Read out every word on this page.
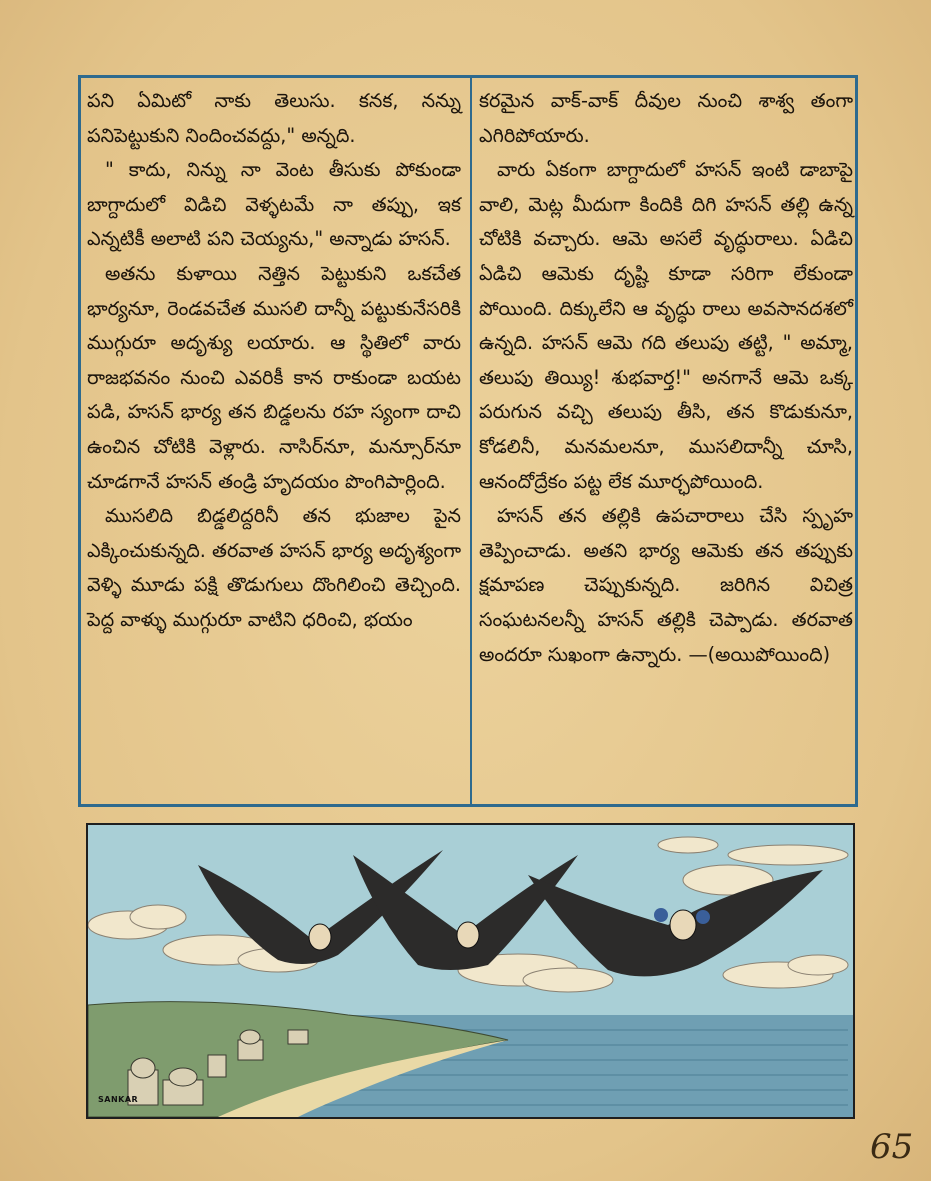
పని ఏమిటో నాకు తెలుసు. కనక, నన్ను పనిపెట్టుకుని నిందించవద్దు," అన్నది.

" కాదు, నిన్ను నా వెంట తీసుకు పోకుండా బాగ్దాదులో విడిచి వెళ్ళటమే నా తప్పు, ఇక ఎన్నటికీ అలాటి పని చెయ్యను," అన్నాడు హసన్.

అతను కుళాయి నెత్తిన పెట్టుకుని ఒకచేత భార్యనూ, రెండవచేత ముసలి దాన్నీ పట్టుకునేసరికి ముగ్గురూ అదృశ్యు లయారు. ఆ స్థితిలో వారు రాజభవనం నుంచి ఎవరికీ కాన రాకుండా బయట పడి, హసన్ భార్య తన బిడ్డలను రహ స్యంగా దాచి ఉంచిన చోటికి వెళ్లారు. నాసిర్‌నూ, మన్సూర్‌నూ చూడగానే హసన్ తండ్రి హృదయం పొంగిపార్లింది.

ముసలిది బిడ్డలిద్దరినీ తన భుజాల పైన ఎక్కించుకున్నది. తరవాత హసన్ భార్య అదృశ్యంగా వెళ్ళి మూడు పక్షి తొడుగులు దొంగిలించి తెచ్చింది. పెద్ద వాళ్ళు ముగ్గురూ వాటిని ధరించి, భయం

కరమైన వాక్-వాక్ దీవుల నుంచి శాశ్వ తంగా ఎగిరిపోయారు.

వారు ఏకంగా బాగ్దాదులో హసన్ ఇంటి డాబాపై వాలి, మెట్ల మీదుగా కిందికి దిగి హసన్ తల్లి ఉన్న చోటికి వచ్చారు. ఆమె అసలే వృద్ధురాలు. ఏడిచి ఏడిచి ఆమెకు దృష్టి కూడా సరిగా లేకుండా పోయింది. దిక్కులేని ఆ వృద్ధు రాలు అవసానదశలో ఉన్నది. హసన్ ఆమె గది తలుపు తట్టి, " అమ్మా, తలుపు తియ్యి! శుభవార్త!" అనగానే ఆమె ఒక్క పరుగున వచ్చి తలుపు తీసి, తన కొడుకునూ, కోడలినీ, మనమలనూ, ముసలిదాన్నీ చూసి, ఆనందోద్రేకం పట్ట లేక మూర్ఛపోయింది.

హసన్ తన తల్లికి ఉపచారాలు చేసి స్పృహ తెప్పించాడు. అతని భార్య ఆమెకు తన తప్పుకు క్షమాపణ చెప్పుకున్నది. జరిగిన విచిత్ర సంఘటనలన్నీ హసన్ తల్లికి చెప్పాడు. తరవాత అందరూ సుఖంగా ఉన్నారు. —(అయిపోయింది)

SANKAR
65
